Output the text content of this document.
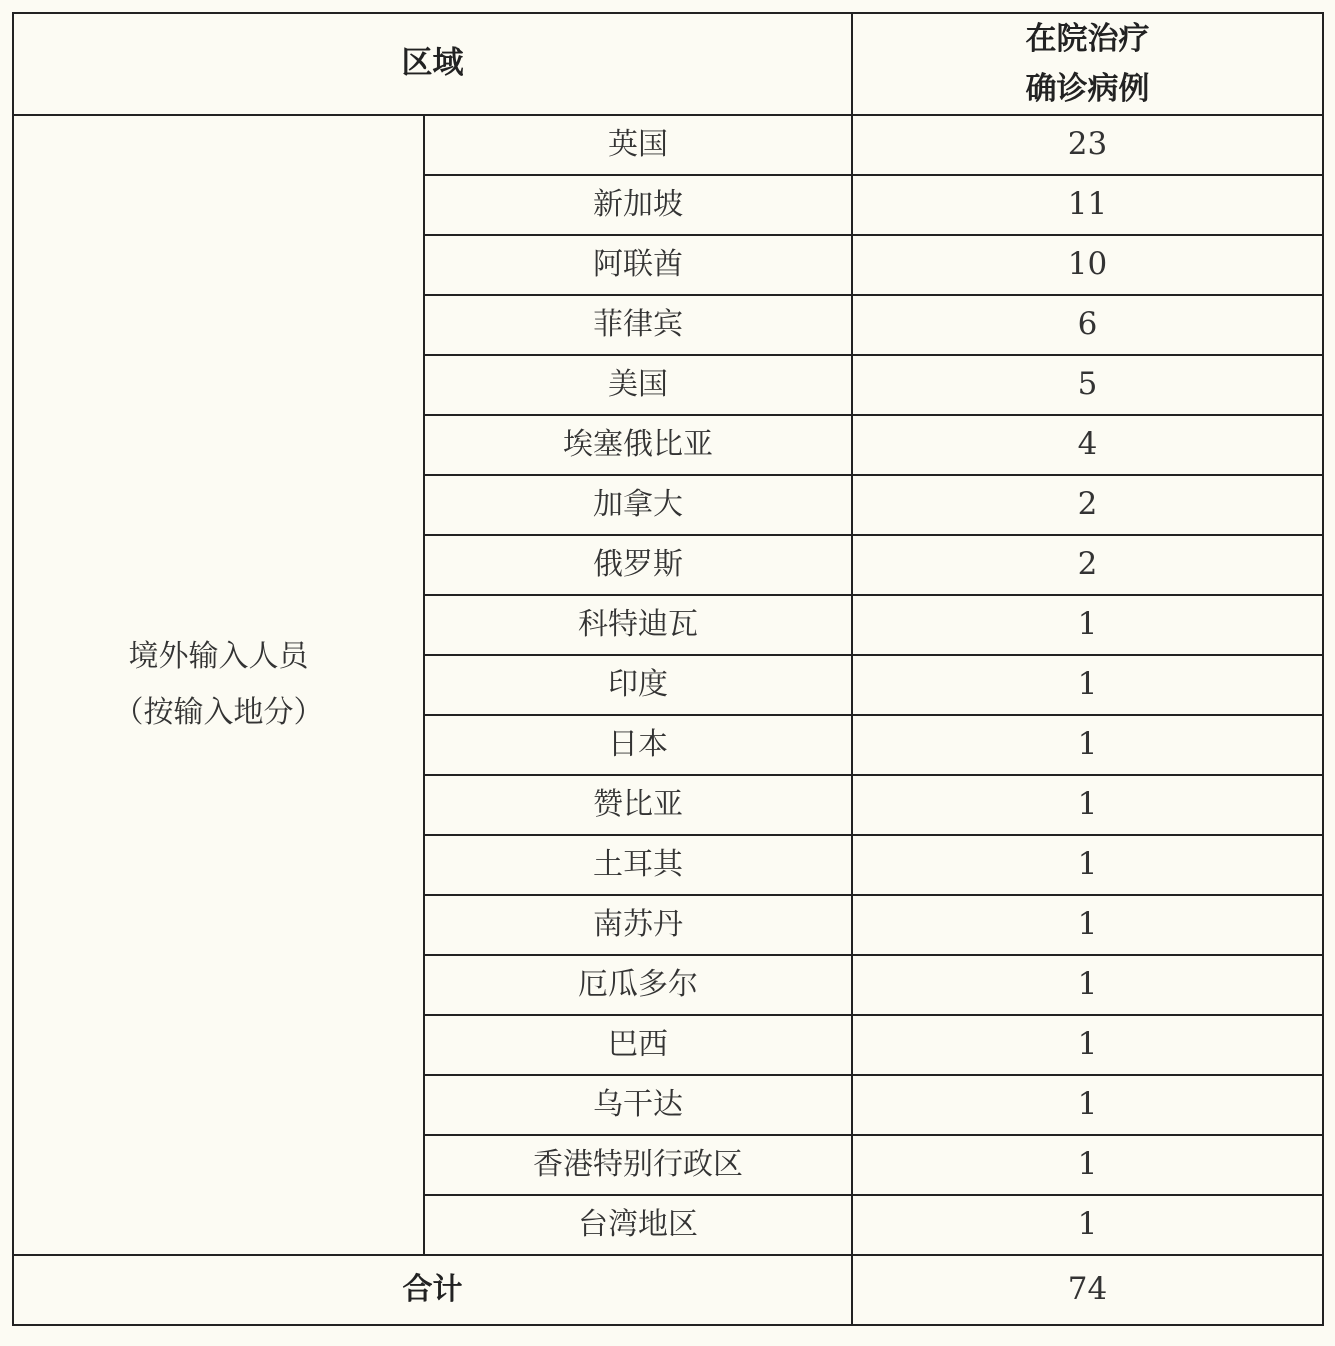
区域		在院治疗
确诊病例

境外输入人员
（按输入地分）	英国	23
	新加坡	11
	阿联酋	10
	菲律宾	6
	美国	5
	埃塞俄比亚	4
	加拿大	2
	俄罗斯	2
	科特迪瓦	1
	印度	1
	日本	1
	赞比亚	1
	土耳其	1
	南苏丹	1
	厄瓜多尔	1
	巴西	1
	乌干达	1
	香港特别行政区	1
	台湾地区	1
合计		74
